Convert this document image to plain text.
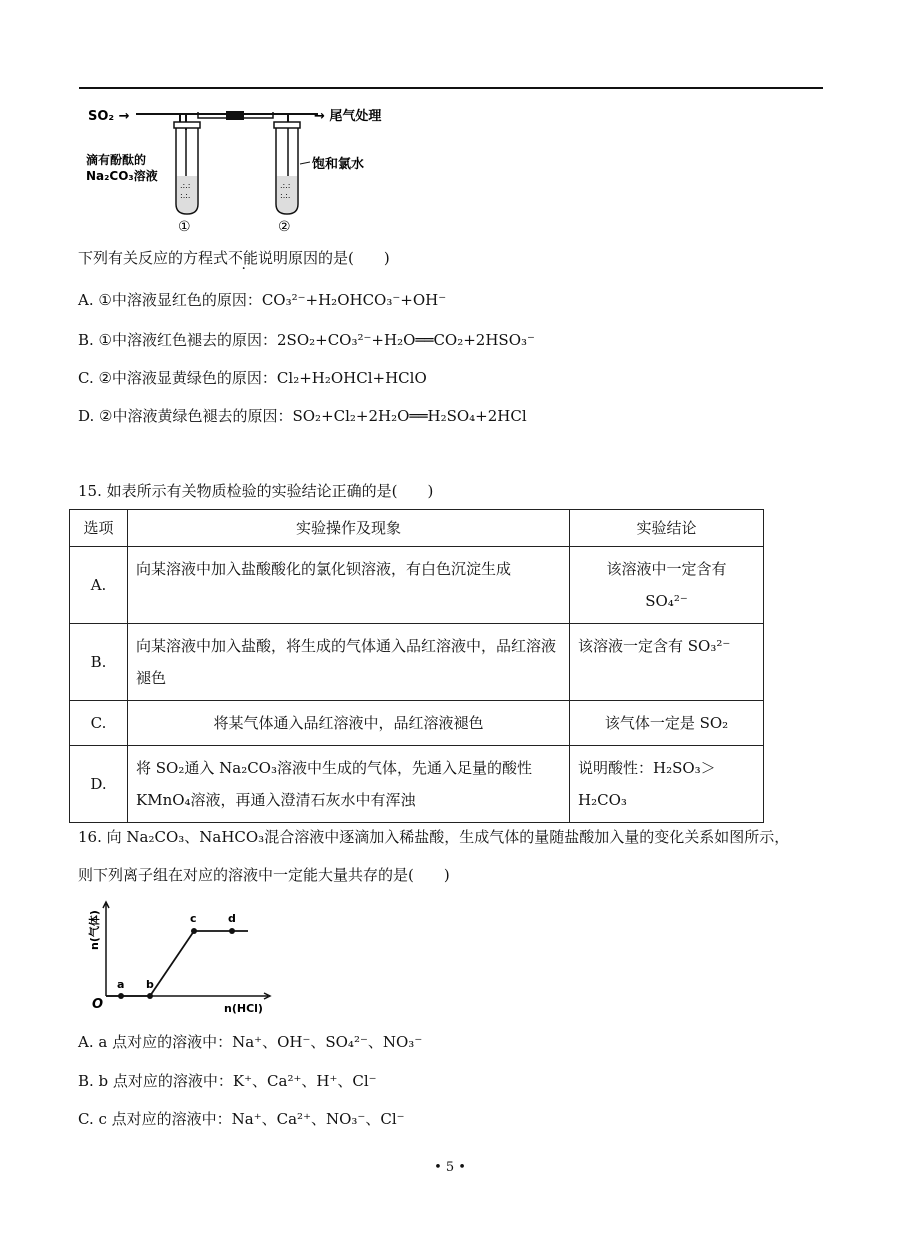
SO₂ →	→ 尾气处理
.:.:
:.:.
①
滴有酚酞的
Na₂CO₃溶液
.:.:
:.:.
②
饱和氯水
下列有关反应的方程式不能说明原因的是(　　)
A. ①中溶液显红色的原因：CO₃²⁻+H₂OHCO₃⁻+OH⁻
B. ①中溶液红色褪去的原因：2SO₂+CO₃²⁻+H₂O══CO₂+2HSO₃⁻
C. ②中溶液显黄绿色的原因：Cl₂+H₂OHCl+HClO
D. ②中溶液黄绿色褪去的原因：SO₂+Cl₂+2H₂O══H₂SO₄+2HCl
15. 如表所示有关物质检验的实验结论正确的是(　　)
选项	实验操作及现象	实验结论
A.	向某溶液中加入盐酸酸化的氯化钡溶液，有白色沉淀生成	该溶液中一定含有　SO₄²⁻
B.	向某溶液中加入盐酸，将生成的气体通入品红溶液中，品红溶液褪色	该溶液一定含有 SO₃²⁻
C.	将某气体通入品红溶液中，品红溶液褪色	该气体一定是 SO₂
D.	将 SO₂通入 Na₂CO₃溶液中生成的气体，先通入足量的酸性 KMnO₄溶液，再通入澄清石灰水中有浑浊	说明酸性：H₂SO₃＞H₂CO₃
16. 向 Na₂CO₃、NaHCO₃混合溶液中逐滴加入稀盐酸，生成气体的量随盐酸加入量的变化关系如图所示，
则下列离子组在对应的溶液中一定能大量共存的是(　　)
a b
c	d
O	n(HCl)
n(气体)
A. a 点对应的溶液中：Na⁺、OH⁻、SO₄²⁻、NO₃⁻
B. b 点对应的溶液中：K⁺、Ca²⁺、H⁺、Cl⁻
C. c 点对应的溶液中：Na⁺、Ca²⁺、NO₃⁻、Cl⁻
• 5 •
